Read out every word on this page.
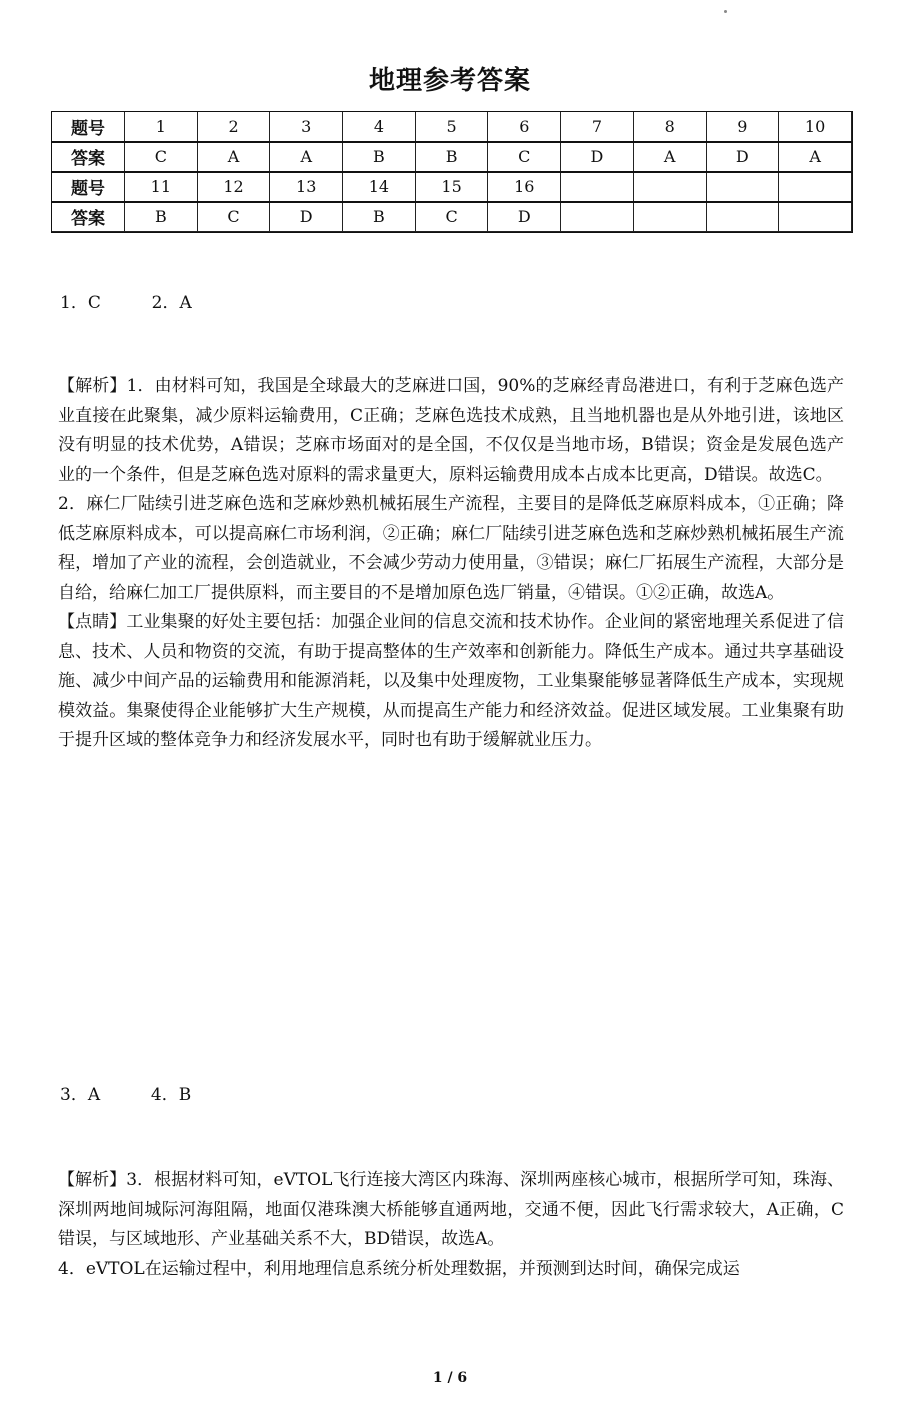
地理参考答案
题号	1	2	3	4	5	6	7	8	9	10
答案	C	A	A	B	B	C	D	A	D	A
题号	11	12	13	14	15	16				
答案	B	C	D	B	C	D				
1．C	2．A

【解析】1．由材料可知，我国是全球最大的芝麻进口国，90%的芝麻经青岛港进口，有利于芝麻色选产业直接在此聚集，减少原料运输费用，C正确；芝麻色选技术成熟，且当地机器也是从外地引进，该地区没有明显的技术优势，A错误；芝麻市场面对的是全国，不仅仅是当地市场，B错误；资金是发展色选产业的一个条件，但是芝麻色选对原料的需求量更大，原料运输费用成本占成本比更高，D错误。故选C。

2．麻仁厂陆续引进芝麻色选和芝麻炒熟机械拓展生产流程，主要目的是降低芝麻原料成本，①正确；降低芝麻原料成本，可以提高麻仁市场利润，②正确；麻仁厂陆续引进芝麻色选和芝麻炒熟机械拓展生产流程，增加了产业的流程，会创造就业，不会减少劳动力使用量，③错误；麻仁厂拓展生产流程，大部分是自给，给麻仁加工厂提供原料，而主要目的不是增加原色选厂销量，④错误。①②正确，故选A。

【点睛】工业集聚的好处主要包括：加强企业间的信息交流和技术协作。企业间的紧密地理关系促进了信息、技术、人员和物资的交流，有助于提高整体的生产效率和创新能力。降低生产成本。通过共享基础设施、减少中间产品的运输费用和能源消耗，以及集中处理废物，工业集聚能够显著降低生产成本，实现规模效益。集聚使得企业能够扩大生产规模，从而提高生产能力和经济效益。促进区域发展。工业集聚有助于提升区域的整体竞争力和经济发展水平，同时也有助于缓解就业压力。

3．A	4．B

【解析】3．根据材料可知，eVTOL飞行连接大湾区内珠海、深圳两座核心城市，根据所学可知，珠海、深圳两地间城际河海阻隔，地面仅港珠澳大桥能够直通两地，交通不便，因此飞行需求较大，A正确，C错误，与区域地形、产业基础关系不大，BD错误，故选A。

4．eVTOL在运输过程中，利用地理信息系统分析处理数据，并预测到达时间，确保完成运

1 / 6
